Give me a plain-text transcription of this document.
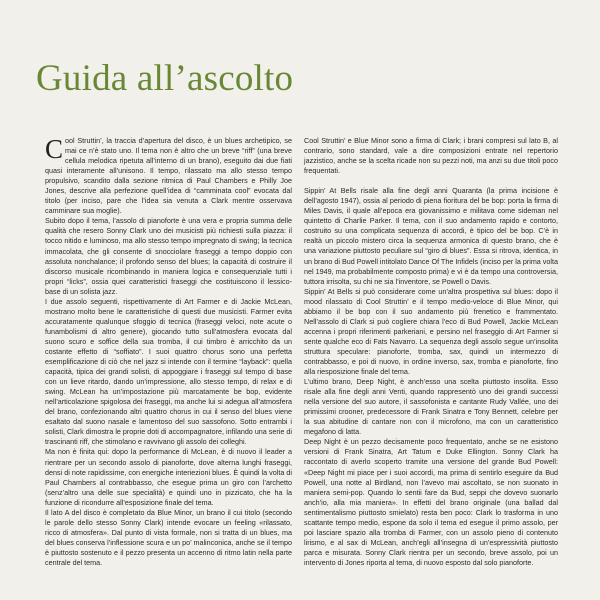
Guida all’ascolto

Cool Struttin’, la traccia d’apertura del disco, è un blues archetipico, se mai ce n’è stato uno. Il tema non è altro che un breve “riff” (una breve cellula melodica ripetuta all’interno di un brano), eseguito dai due fiati quasi interamente all’unisono. Il tempo, rilassato ma allo stesso tempo propulsivo, scandito dalla sezione ritmica di Paul Chambers e Philly Joe Jones, descrive alla perfezione quell’idea di “camminata cool” evocata dal titolo (per inciso, pare che l’idea sia venuta a Clark mentre osservava camminare sua moglie).

Subito dopo il tema, l’assolo di pianoforte è una vera e propria summa delle qualità che resero Sonny Clark uno dei musicisti più richiesti sulla piazza: il tocco nitido e luminoso, ma allo stesso tempo impregnato di swing; la tecnica immacolata, che gli consente di snocciolare fraseggi a tempo doppio con assoluta nonchalance; il profondo senso del blues; la capacità di costruire il discorso musicale ricombinando in maniera logica e consequenziale tutti i propri “licks”, ossia quei caratteristici fraseggi che costituiscono il lessico-base di un solista jazz.

I due assolo seguenti, rispettivamente di Art Farmer e di Jackie McLean, mostrano molto bene le caratteristiche di questi due musicisti. Farmer evita accuratamente qualunque sfoggio di tecnica (fraseggi veloci, note acute o funambolismi di altro genere), giocando tutto sull’atmosfera evocata dal suono scuro e soffice della sua tromba, il cui timbro è arricchito da un costante effetto di “soffiato”. I suoi quattro chorus sono una perfetta esemplificazione di ciò che nel jazz si intende con il termine “layback”: quella capacità, tipica dei grandi solisti, di appoggiare i fraseggi sul tempo di base con un lieve ritardo, dando un’impressione, allo stesso tempo, di relax e di swing. McLean ha un’impostazione più marcatamente be bop, evidente nell’articolazione spigolosa dei fraseggi, ma anche lui si adegua all’atmosfera del brano, confezionando altri quattro chorus in cui il senso del blues viene esaltato dal suono nasale e lamentoso del suo sassofono. Sotto entrambi i solisti, Clark dimostra le proprie doti di accompagnatore, infilando una serie di trascinanti riff, che stimolano e ravvivano gli assolo dei colleghi.

Ma non è finita qui: dopo la performance di McLean, è di nuovo il leader a rientrare per un secondo assolo di pianoforte, dove alterna lunghi fraseggi, densi di note rapidissime, con energiche interiezioni blues. È quindi la volta di Paul Chambers al contrabbasso, che esegue prima un giro con l’archetto (senz’altro una delle sue specialità) e quindi uno in pizzicato, che ha la funzione di ricondurre all’esposizione finale del tema.

Il lato A del disco è completato da Blue Minor, un brano il cui titolo (secondo le parole dello stesso Sonny Clark) intende evocare un feeling «rilassato, ricco di atmosfera». Dal punto di vista formale, non si tratta di un blues, ma del blues conserva l’inflessione scura e un po’ malinconica, anche se il tempo è piuttosto sostenuto e il pezzo presenta un accenno di ritmo latin nella parte centrale del tema.

Cool Struttin’ e Blue Minor sono a firma di Clark; i brani compresi sul lato B, al contrario, sono standard, vale a dire composizioni entrate nel repertorio jazzistico, anche se la scelta ricade non su pezzi noti, ma anzi su due titoli poco frequentati.

Sippin’ At Bells risale alla fine degli anni Quaranta (la prima incisione è dell’agosto 1947), ossia al periodo di piena fioritura del be bop: porta la firma di Miles Davis, il quale all’epoca era giovanissimo e militava come sideman nel quintetto di Charlie Parker. Il tema, con il suo andamento rapido e contorto, costruito su una complicata sequenza di accordi, è tipico del be bop. C’è in realtà un piccolo mistero circa la sequenza armonica di questo brano, che è una variazione piuttosto peculiare sul “giro di blues”. Essa si ritrova, identica, in un brano di Bud Powell intitolato Dance Of The Infidels (inciso per la prima volta nel 1949, ma probabilmente composto prima) e vi è da tempo una controversia, tuttora irrisolta, su chi ne sia l’inventore, se Powell o Davis.

Sippin’ At Bells si può considerare come un’altra prospettiva sul blues: dopo il mood rilassato di Cool Struttin’ e il tempo medio-veloce di Blue Minor, qui abbiamo il be bop con il suo andamento più frenetico e frammentato. Nell’assolo di Clark si può cogliere chiara l’eco di Bud Powell, Jackie McLean accenna i propri riferimenti parkeriani, e persino nel fraseggio di Art Farmer si sente qualche eco di Fats Navarro. La sequenza degli assolo segue un’insolita struttura speculare: pianoforte, tromba, sax, quindi un intermezzo di contrabbasso, e poi di nuovo, in ordine inverso, sax, tromba e pianoforte, fino alla riesposizione finale del tema.

L’ultimo brano, Deep Night, è anch’esso una scelta piuttosto insolita. Esso risale alla fine degli anni Venti, quando rappresentò uno dei grandi successi nella versione del suo autore, il sassofonista e cantante Rudy Vallée, uno dei primissimi crooner, predecessore di Frank Sinatra e Tony Bennett, celebre per la sua abitudine di cantare non con il microfono, ma con un caratteristico megafono di latta.

Deep Night è un pezzo decisamente poco frequentato, anche se ne esistono versioni di Frank Sinatra, Art Tatum e Duke Ellington. Sonny Clark ha raccontato di averlo scoperto tramite una versione del grande Bud Powell: «Deep Night mi piace per i suoi accordi, ma prima di sentirlo eseguire da Bud Powell, una notte al Birdland, non l’avevo mai ascoltato, se non suonato in maniera semi-pop. Quando lo sentii fare da Bud, seppi che dovevo suonarlo anch’io, alla mia maniera». In effetti del brano originale (una ballad dal sentimentalismo piuttosto smielato) resta ben poco: Clark lo trasforma in uno scattante tempo medio, espone da solo il tema ed esegue il primo assolo, per poi lasciare spazio alla tromba di Farmer, con un assolo pieno di contenuto lirismo, e al sax di McLean, anch’egli all’insegna di un’espressività piuttosto parca e misurata. Sonny Clark rientra per un secondo, breve assolo, poi un intervento di Jones riporta al tema, di nuovo esposto dal solo pianoforte.
